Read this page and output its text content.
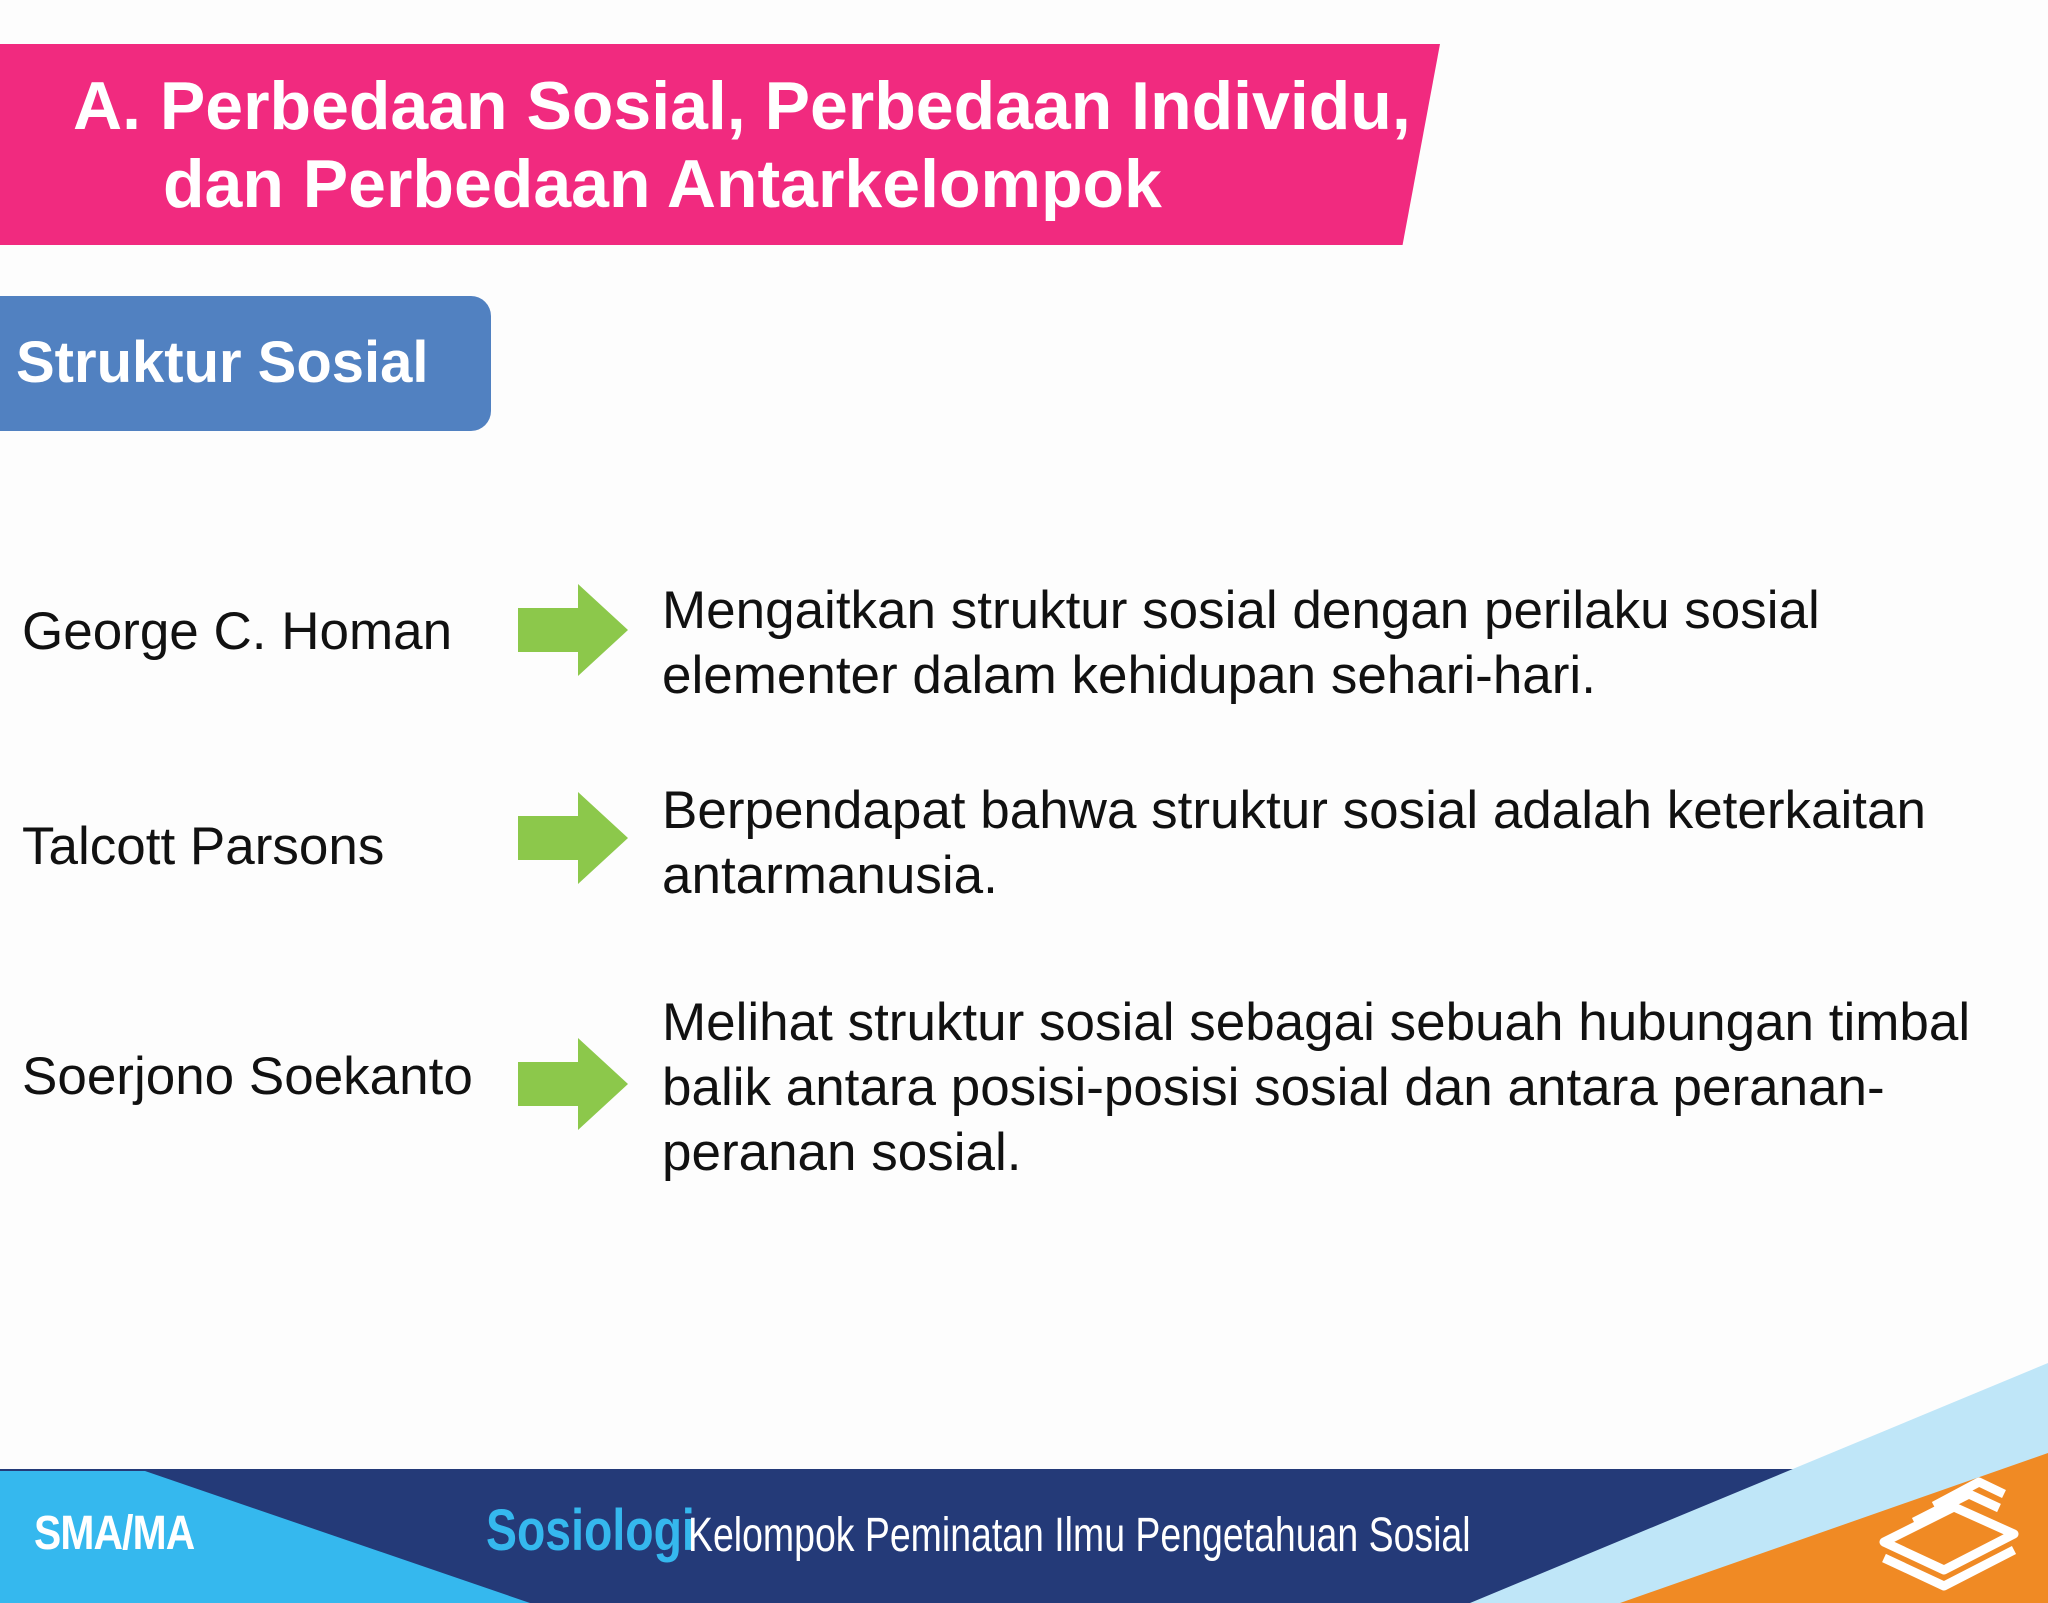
A. Perbedaan Sosial, Perbedaan Individu,
dan Perbedaan Antarkelompok
Struktur Sosial
George C. Homan	Mengaitkan struktur sosial dengan perilaku sosial elementer dalam kehidupan sehari-hari.
Talcott Parsons
Berpendapat bahwa struktur sosial adalah keterkaitan antarmanusia.
Soerjono Soekanto
Melihat struktur sosial sebagai sebuah hubungan timbal balik antara posisi-posisi sosial dan antara peranan-peranan sosial.
SMA/MA	Sosiologi
Kelompok Peminatan Ilmu Pengetahuan Sosial
